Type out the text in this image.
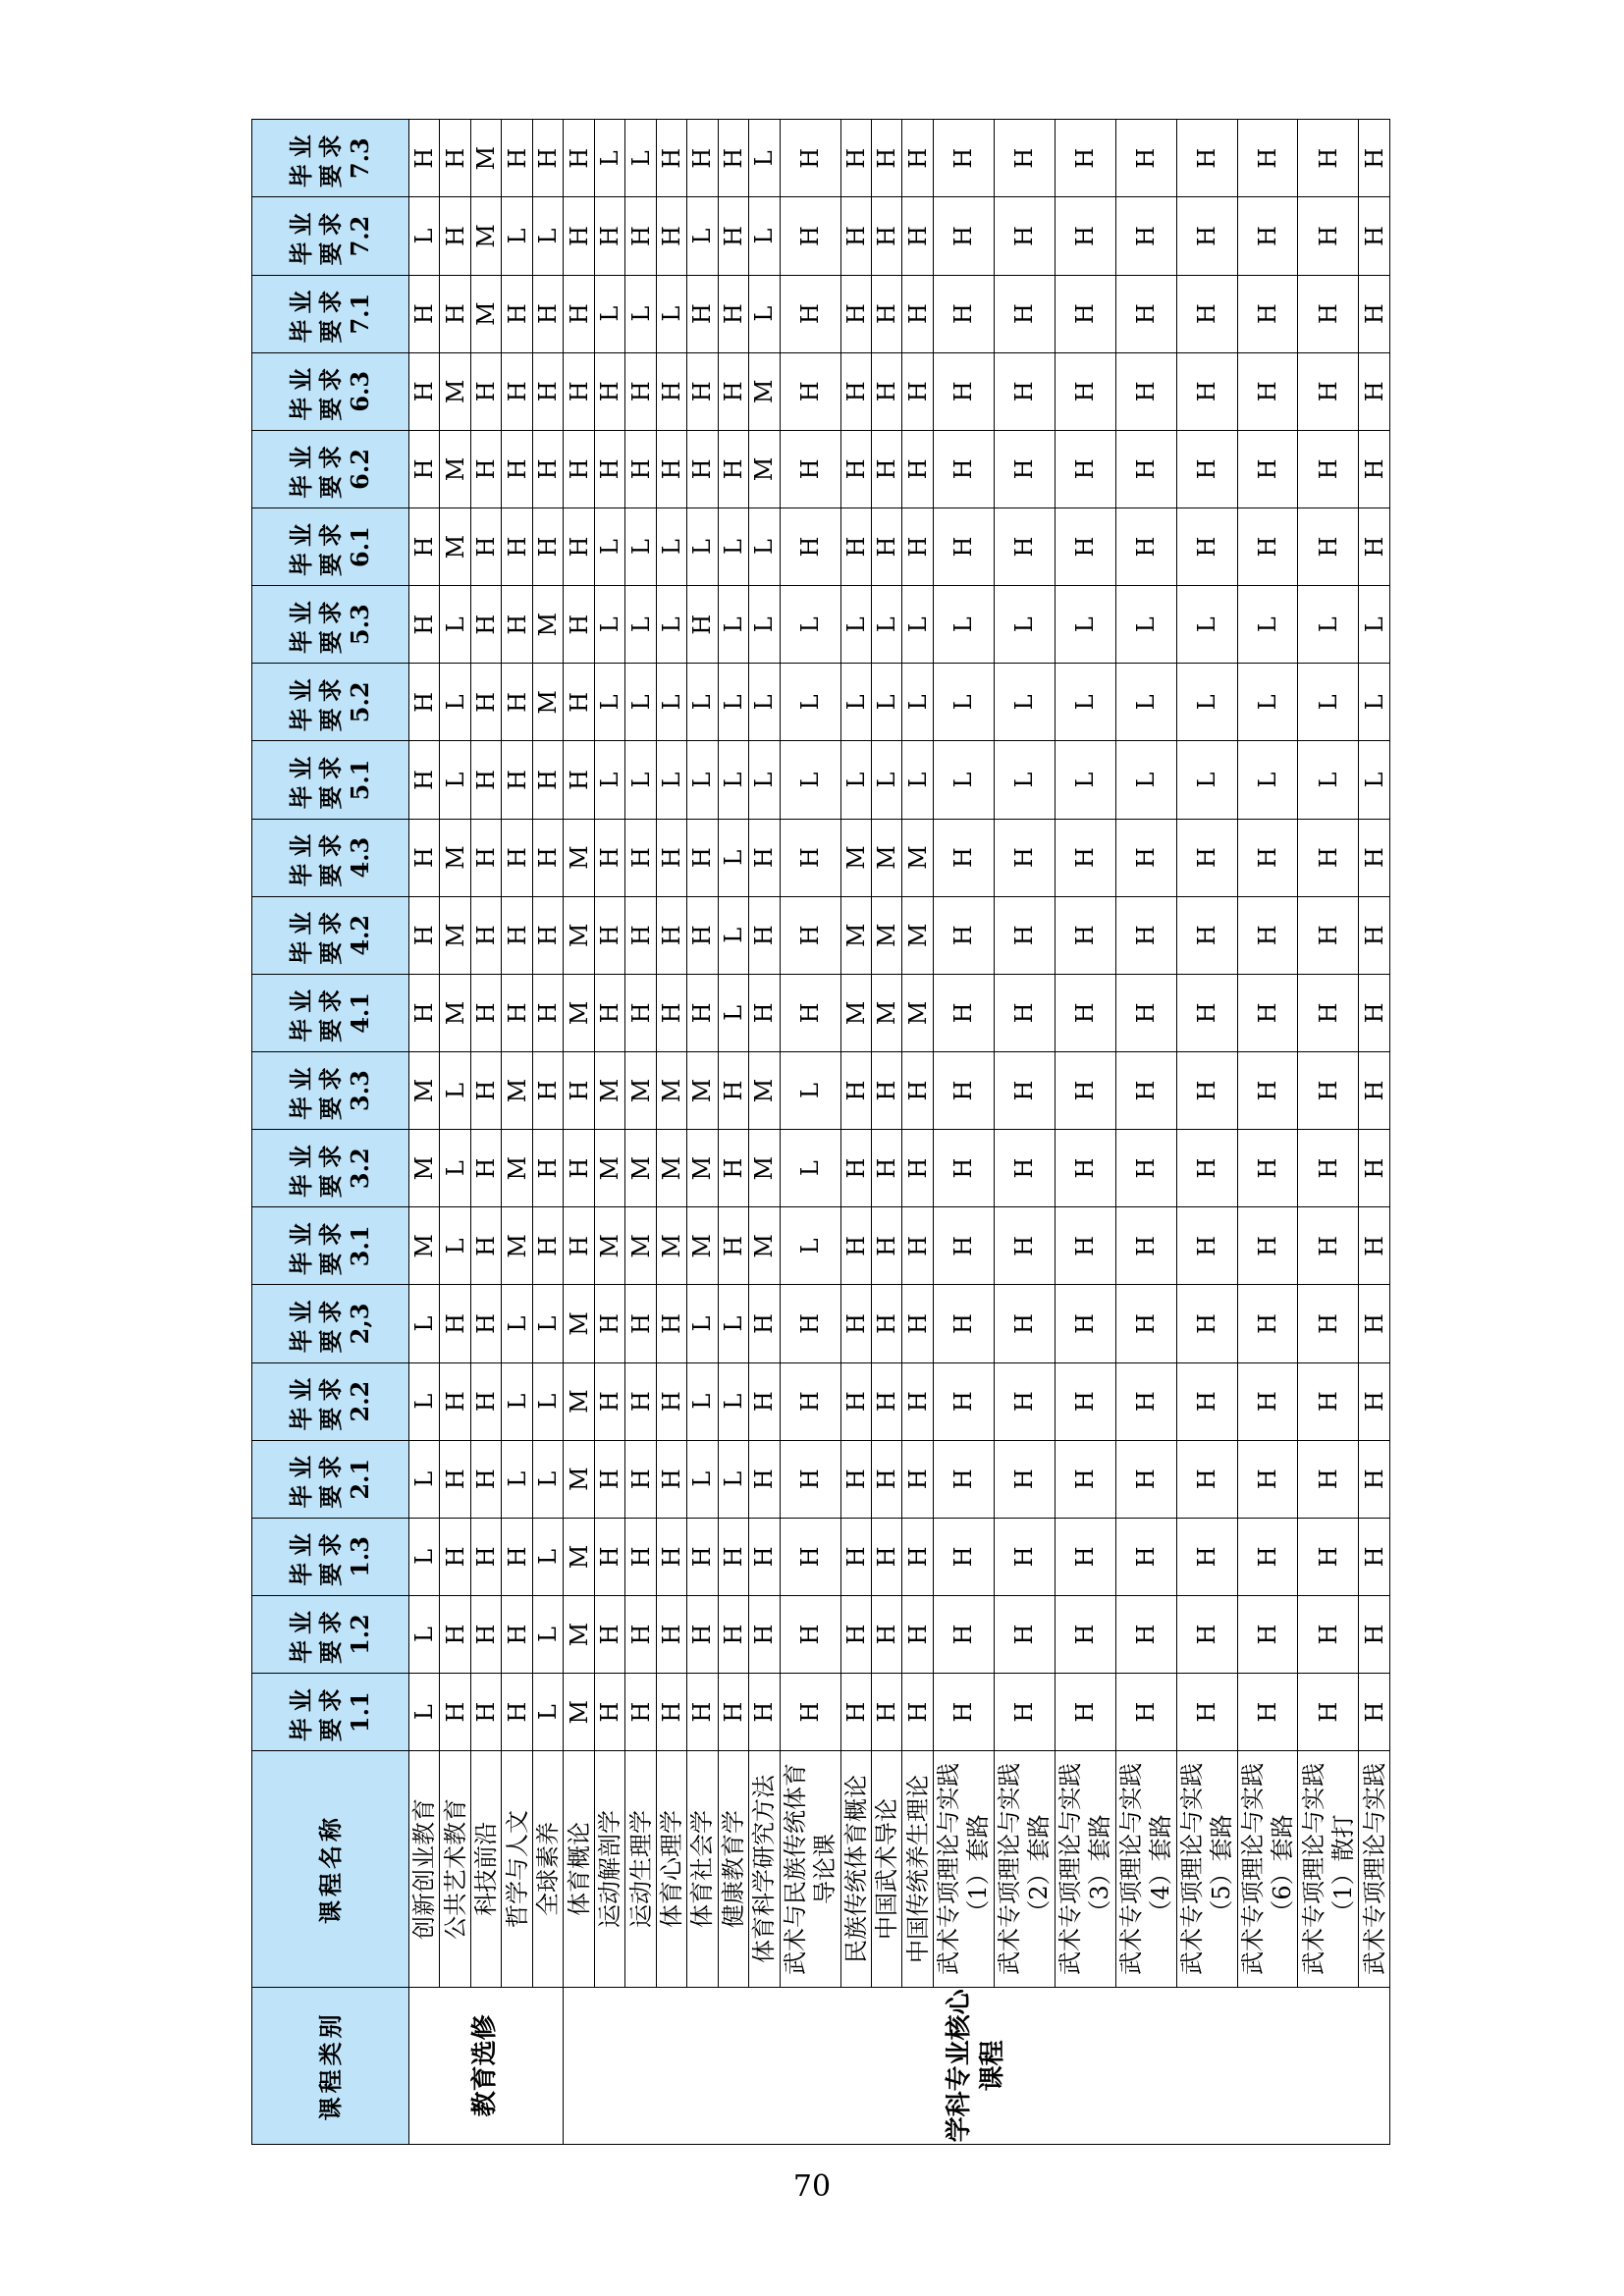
课程类别	课程名称	毕业要求 1.1	毕业要求 1.2	毕业要求 1.3	毕业要求 2.1	毕业要求 2.2	毕业要求 2,3	毕业要求 3.1	毕业要求 3.2	毕业要求 3.3	毕业要求 4.1	毕业要求 4.2	毕业要求 4.3	毕业要求 5.1	毕业要求 5.2	毕业要求 5.3	毕业要求 6.1	毕业要求 6.2	毕业要求 6.3	毕业要求 7.1	毕业要求 7.2	毕业要求 7.3

教育选修	创新创业教育	L	L	L	L	L	L	M	M	M	H	H	H	H	H	H	H	H	H	H	L	H
	公共艺术教育	H	H	H	H	H	H	L	L	L	M	M	M	L	L	L	M	M	M	H	H	H
	科技前沿	H	H	H	H	H	H	H	H	H	H	H	H	H	H	H	H	H	H	M	M	M
	哲学与人文	H	H	H	L	L	L	M	M	M	H	H	H	H	H	H	H	H	H	H	L	H
	全球素养	L	L	L	L	L	L	H	H	H	H	H	H	H	M	M	H	H	H	H	L	H
学科专业核心课程	体育概论	M	M	M	M	M	M	H	H	H	M	M	M	H	H	H	H	H	H	H	H	H
	运动解剖学	H	H	H	H	H	H	M	M	M	H	H	H	L	L	L	L	H	H	L	H	L
	运动生理学	H	H	H	H	H	H	M	M	M	H	H	H	L	L	L	L	H	H	L	H	L
	体育心理学	H	H	H	H	H	H	M	M	M	H	H	H	L	L	L	L	H	H	L	H	H
	体育社会学	H	H	H	L	L	L	M	M	M	H	H	H	L	L	H	L	H	H	H	L	H
	健康教育学	H	H	H	L	L	L	H	H	H	L	L	L	L	L	L	L	H	H	H	H	H
	体育科学研究方法	H	H	H	H	H	H	M	M	M	H	H	H	L	L	L	L	M	M	L	L	L
	武术与民族传统体育导论课	H	H	H	H	H	H	L	L	L	H	H	H	L	L	L	H	H	H	H	H	H
	民族传统体育概论	H	H	H	H	H	H	H	H	H	M	M	M	L	L	L	H	H	H	H	H	H
	中国武术导论	H	H	H	H	H	H	H	H	H	M	M	M	L	L	L	H	H	H	H	H	H
	中国传统养生理论	H	H	H	H	H	H	H	H	H	M	M	M	L	L	L	H	H	H	H	H	H
	武术专项理论与实践（1）套路	H	H	H	H	H	H	H	H	H	H	H	H	L	L	L	H	H	H	H	H	H
	武术专项理论与实践（2）套路	H	H	H	H	H	H	H	H	H	H	H	H	L	L	L	H	H	H	H	H	H
	武术专项理论与实践（3）套路	H	H	H	H	H	H	H	H	H	H	H	H	L	L	L	H	H	H	H	H	H
	武术专项理论与实践（4）套路	H	H	H	H	H	H	H	H	H	H	H	H	L	L	L	H	H	H	H	H	H
	武术专项理论与实践（5）套路	H	H	H	H	H	H	H	H	H	H	H	H	L	L	L	H	H	H	H	H	H
	武术专项理论与实践（6）套路	H	H	H	H	H	H	H	H	H	H	H	H	L	L	L	H	H	H	H	H	H
	武术专项理论与实践（1）散打	H	H	H	H	H	H	H	H	H	H	H	H	L	L	L	H	H	H	H	H	H
	武术专项理论与实践	H	H	H	H	H	H	H	H	H	H	H	H	L	L	L	H	H	H	H	H	H
70
